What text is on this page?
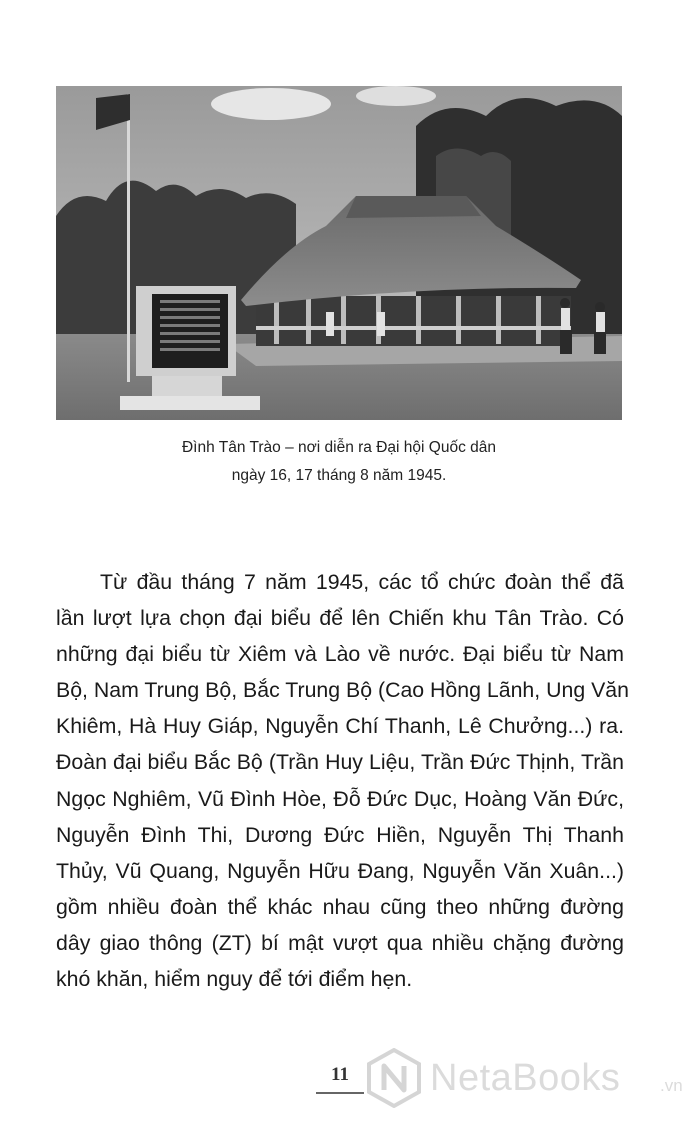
Đình Tân Trào – nơi diễn ra Đại hội Quốc dân
ngày 16, 17 tháng 8 năm 1945.
Từ đầu tháng 7 năm 1945, các tổ chức đoàn thể đã
lần lượt lựa chọn đại biểu để lên Chiến khu Tân Trào. Có
những đại biểu từ Xiêm và Lào về nước. Đại biểu từ Nam
Bộ, Nam Trung Bộ, Bắc Trung Bộ (Cao Hồng Lãnh, Ung Văn
Khiêm, Hà Huy Giáp, Nguyễn Chí Thanh, Lê Chưởng...) ra.
Đoàn đại biểu Bắc Bộ (Trần Huy Liệu, Trần Đức Thịnh, Trần
Ngọc Nghiêm, Vũ Đình Hòe, Đỗ Đức Dục, Hoàng Văn Đức,
Nguyễn Đình Thi, Dương Đức Hiền, Nguyễn Thị Thanh
Thủy, Vũ Quang, Nguyễn Hữu Đang, Nguyễn Văn Xuân...)
gồm nhiều đoàn thể khác nhau cũng theo những đường
dây giao thông (ZT) bí mật vượt qua nhiều chặng đường
khó khăn, hiểm nguy để tới điểm hẹn.
11	NetaBooks .vn
